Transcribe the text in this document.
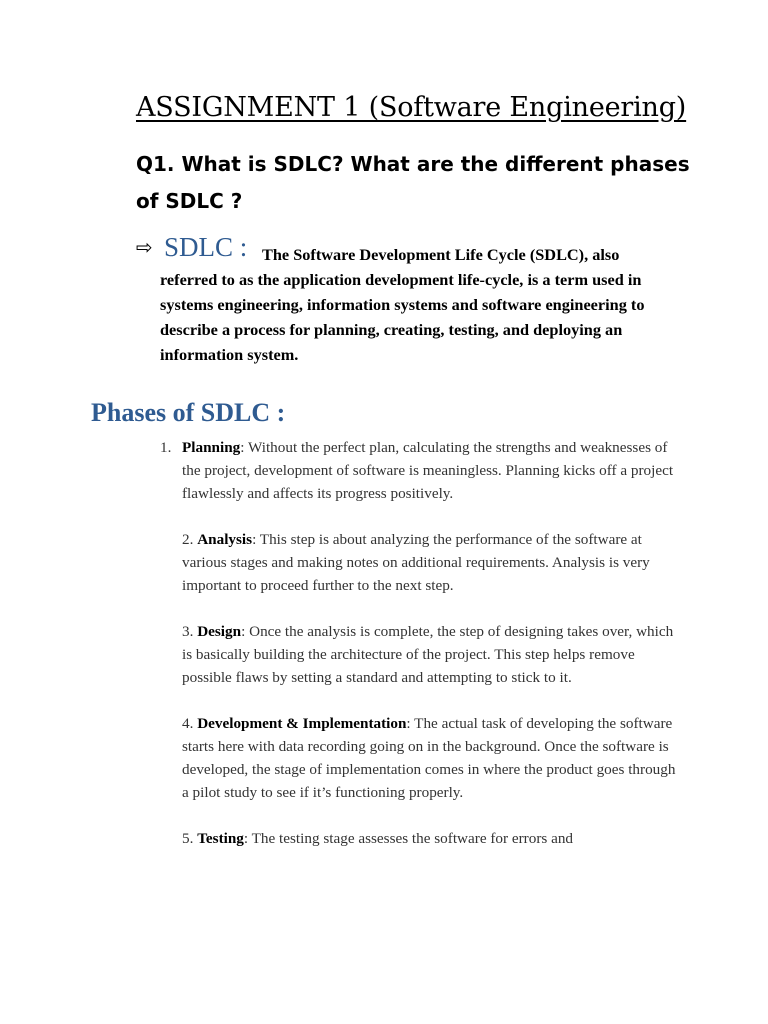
ASSIGNMENT 1 (Software Engineering)
Q1. What is SDLC? What are the different phases of SDLC ?
⇨ SDLC : The Software Development Life Cycle (SDLC), also referred to as the application development life-cycle, is a term used in systems engineering, information systems and software engineering to describe a process for planning, creating, testing, and deploying an information system.
Phases of SDLC :

1. Planning: Without the perfect plan, calculating the strengths and weaknesses of the project, development of software is meaningless. Planning kicks off a project flawlessly and affects its progress positively.

2. Analysis: This step is about analyzing the performance of the software at various stages and making notes on additional requirements. Analysis is very important to proceed further to the next step.

3. Design: Once the analysis is complete, the step of designing takes over, which is basically building the architecture of the project. This step helps remove possible flaws by setting a standard and attempting to stick to it.

4. Development & Implementation: The actual task of developing the software starts here with data recording going on in the background. Once the software is developed, the stage of implementation comes in where the product goes through a pilot study to see if it’s functioning properly.

5. Testing: The testing stage assesses the software for errors and
